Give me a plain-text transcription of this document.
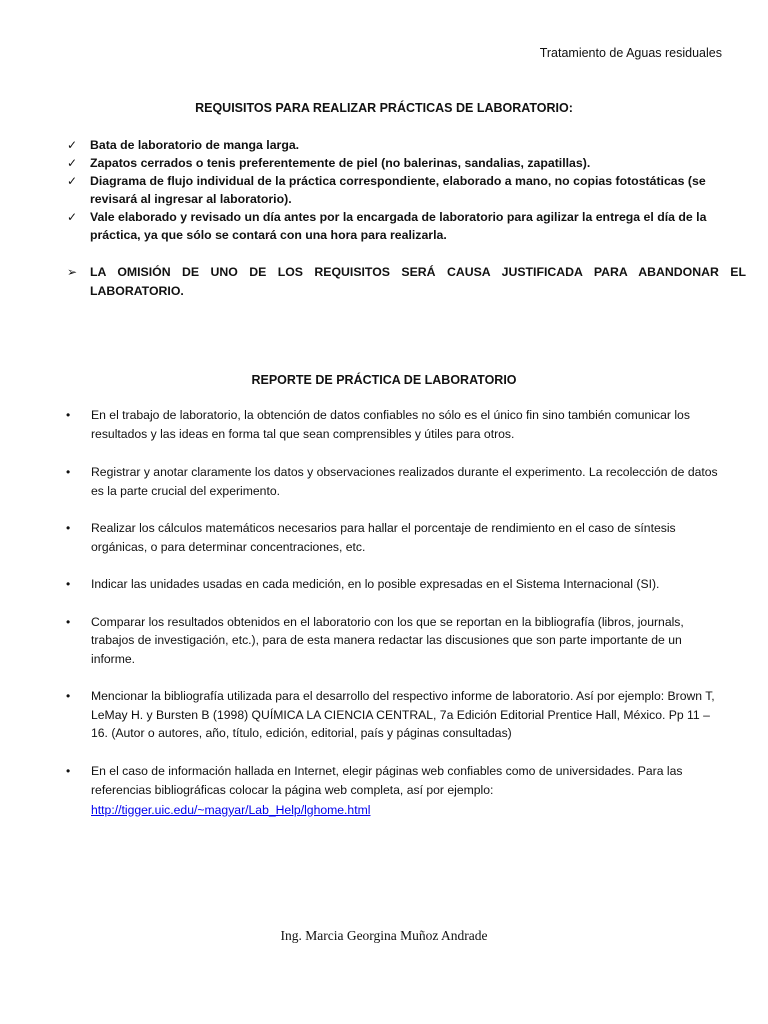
Tratamiento de Aguas residuales
REQUISITOS PARA REALIZAR PRÁCTICAS DE LABORATORIO:
✓ Bata de laboratorio de manga larga.
✓ Zapatos cerrados o tenis preferentemente de piel (no balerinas, sandalias, zapatillas).
✓ Diagrama de flujo individual de la práctica correspondiente, elaborado a mano, no copias fotostáticas (se revisará al ingresar al laboratorio).
✓ Vale elaborado y revisado un día antes por la encargada de laboratorio para agilizar la entrega el día de la práctica, ya que sólo se contará con una hora para realizarla.
➢ LA OMISIÓN DE UNO DE LOS REQUISITOS SERÁ CAUSA JUSTIFICADA PARA ABANDONAR EL LABORATORIO.
REPORTE DE PRÁCTICA DE LABORATORIO
• En el trabajo de laboratorio, la obtención de datos confiables no sólo es el único fin sino también comunicar los resultados y las ideas en forma tal que sean comprensibles y útiles para otros.
• Registrar y anotar claramente los datos y observaciones realizados durante el experimento. La recolección de datos es la parte crucial del experimento.
• Realizar los cálculos matemáticos necesarios para hallar el porcentaje de rendimiento en el caso de síntesis orgánicas, o para determinar concentraciones, etc.
• Indicar las unidades usadas en cada medición, en lo posible expresadas en el Sistema Internacional (SI).
• Comparar los resultados obtenidos en el laboratorio con los que se reportan en la bibliografía (libros, journals, trabajos de investigación, etc.), para de esta manera redactar las discusiones que son parte importante de un informe.
• Mencionar la bibliografía utilizada para el desarrollo del respectivo informe de laboratorio. Así por ejemplo: Brown T, LeMay H. y Bursten B (1998) QUÍMICA LA CIENCIA CENTRAL, 7a Edición Editorial Prentice Hall, México. Pp 11 – 16. (Autor o autores, año, título, edición, editorial, país y páginas consultadas)
• En el caso de información hallada en Internet, elegir páginas web confiables como de universidades. Para las referencias bibliográficas colocar la página web completa, así por ejemplo:
http://tigger.uic.edu/~magyar/Lab_Help/lghome.html
Ing. Marcia Georgina Muñoz Andrade
